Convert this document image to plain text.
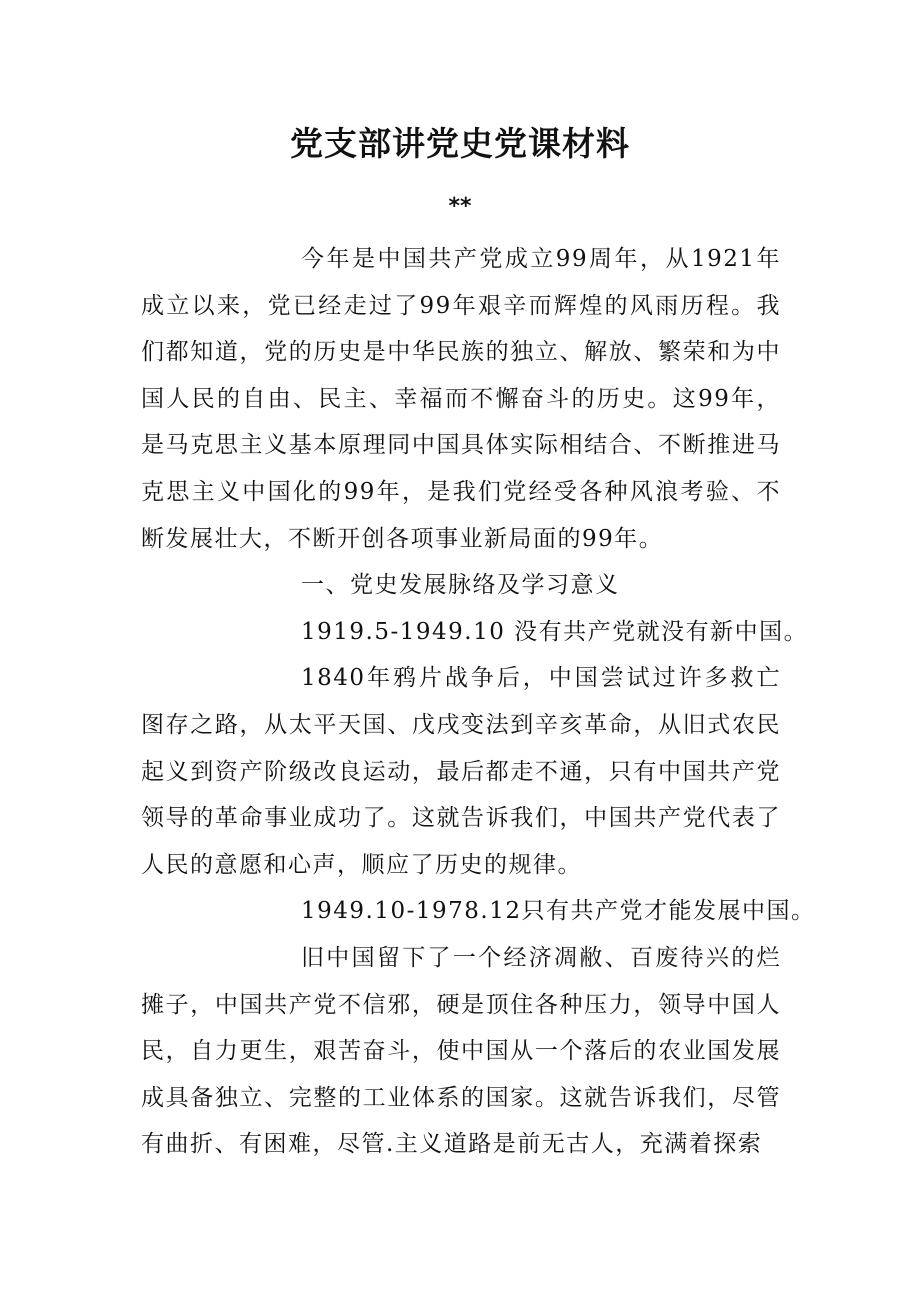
党支部讲党史党课材料
**

今年是中国共产党成立99周年，从1921年成立以来，党已经走过了99年艰辛而辉煌的风雨历程。我们都知道，党的历史是中华民族的独立、解放、繁荣和为中国人民的自由、民主、幸福而不懈奋斗的历史。这99年，是马克思主义基本原理同中国具体实际相结合、不断推进马克思主义中国化的99年，是我们党经受各种风浪考验、不断发展壮大，不断开创各项事业新局面的99年。

一、党史发展脉络及学习意义

1919.5-1949.10 没有共产党就没有新中国。

1840年鸦片战争后，中国尝试过许多救亡图存之路，从太平天国、戊戌变法到辛亥革命，从旧式农民起义到资产阶级改良运动，最后都走不通，只有中国共产党领导的革命事业成功了。这就告诉我们，中国共产党代表了人民的意愿和心声，顺应了历史的规律。

1949.10-1978.12只有共产党才能发展中国。

旧中国留下了一个经济凋敝、百废待兴的烂摊子，中国共产党不信邪，硬是顶住各种压力，领导中国人民，自力更生，艰苦奋斗，使中国从一个落后的农业国发展成具备独立、完整的工业体系的国家。这就告诉我们，尽管有曲折、有困难，尽管.主义道路是前无古人，充满着探索
